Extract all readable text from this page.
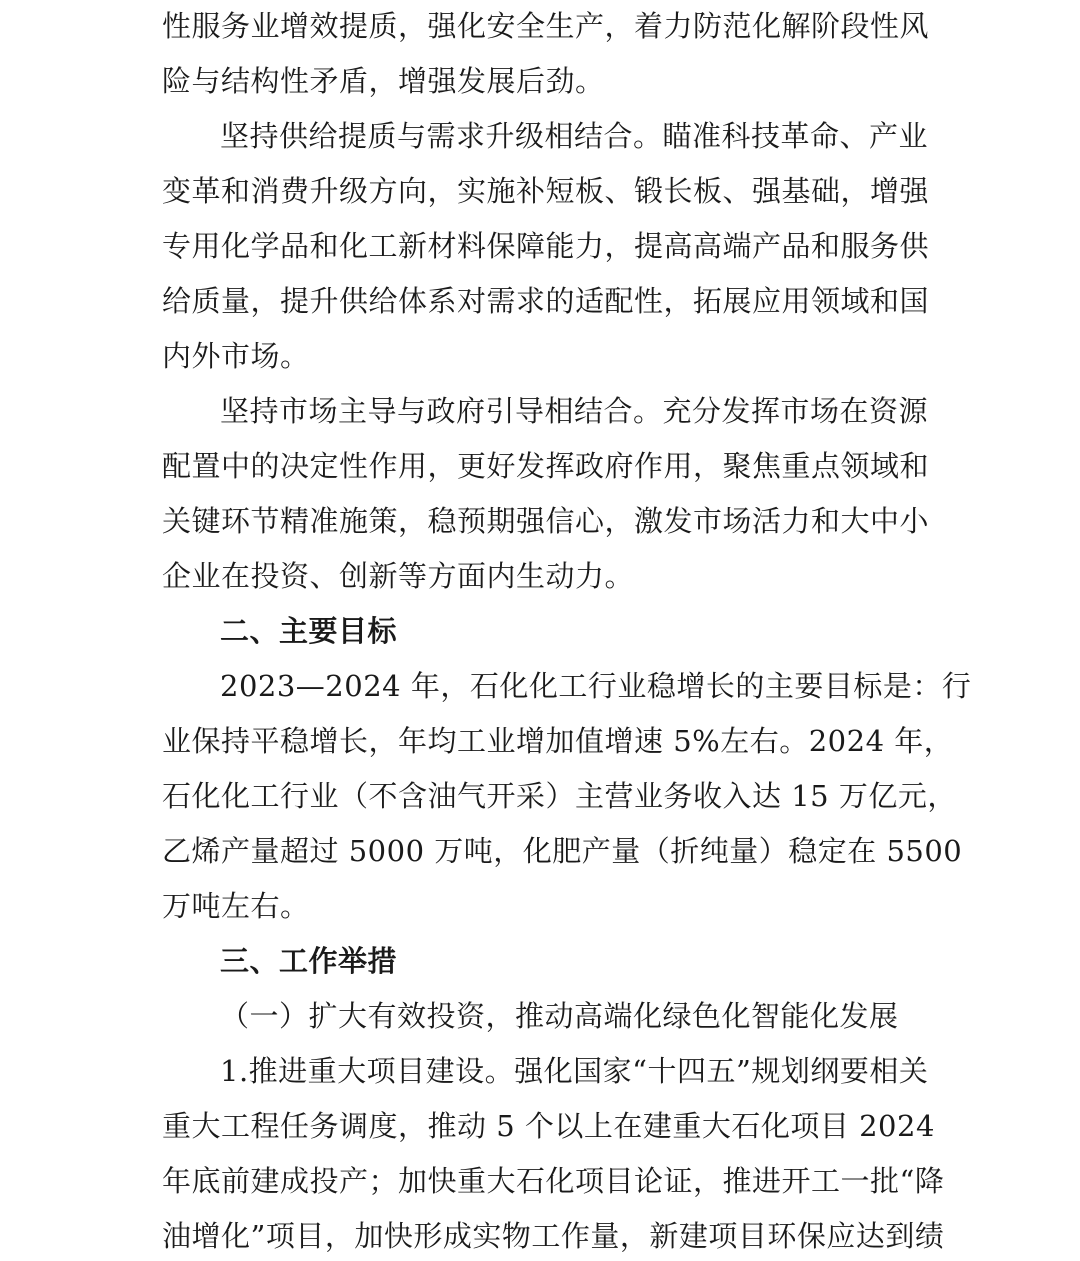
性服务业增效提质，强化安全生产，着力防范化解阶段性风
险与结构性矛盾，增强发展后劲。
坚持供给提质与需求升级相结合。瞄准科技革命、产业
变革和消费升级方向，实施补短板、锻长板、强基础，增强
专用化学品和化工新材料保障能力，提高高端产品和服务供
给质量，提升供给体系对需求的适配性，拓展应用领域和国
内外市场。
坚持市场主导与政府引导相结合。充分发挥市场在资源
配置中的决定性作用，更好发挥政府作用，聚焦重点领域和
关键环节精准施策，稳预期强信心，激发市场活力和大中小
企业在投资、创新等方面内生动力。
二、主要目标
2023—2024 年，石化化工行业稳增长的主要目标是：行
业保持平稳增长，年均工业增加值增速 5%左右。2024 年，
石化化工行业（不含油气开采）主营业务收入达 15 万亿元，
乙烯产量超过 5000 万吨，化肥产量（折纯量）稳定在 5500
万吨左右。
三、工作举措
（一）扩大有效投资，推动高端化绿色化智能化发展
1.推进重大项目建设。强化国家“十四五”规划纲要相关
重大工程任务调度，推动 5 个以上在建重大石化项目 2024
年底前建成投产；加快重大石化项目论证，推进开工一批“降
油增化”项目，加快形成实物工作量，新建项目环保应达到绩
